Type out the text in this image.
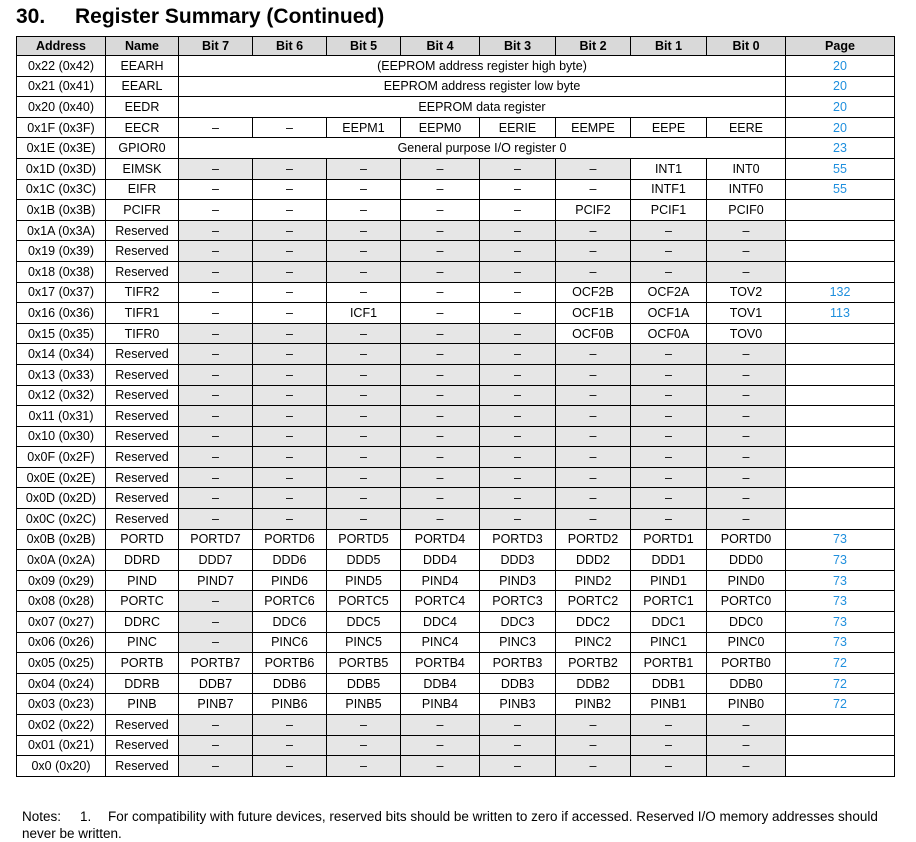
30. Register Summary (Continued)
Address	Name	Bit 7	Bit 6	Bit 5	Bit 4	Bit 3	Bit 2	Bit 1	Bit 0	Page
0x22 (0x42)	EEARH	(EEPROM address register high byte)								20
0x21 (0x41)	EEARL	EEPROM address register low byte								20
0x20 (0x40)	EEDR	EEPROM data register								20
0x1F (0x3F)	EECR	–	–	EEPM1	EEPM0	EERIE	EEMPE	EEPE	EERE	20
0x1E (0x3E)	GPIOR0	General purpose I/O register 0								23
0x1D (0x3D)	EIMSK	–	–	–	–	–	–	INT1	INT0	55
0x1C (0x3C)	EIFR	–	–	–	–	–	–	INTF1	INTF0	55
0x1B (0x3B)	PCIFR	–	–	–	–	–	PCIF2	PCIF1	PCIF0	
0x1A (0x3A)	Reserved	–	–	–	–	–	–	–	–	
0x19 (0x39)	Reserved	–	–	–	–	–	–	–	–	
0x18 (0x38)	Reserved	–	–	–	–	–	–	–	–	
0x17 (0x37)	TIFR2	–	–	–	–	–	OCF2B	OCF2A	TOV2	132
0x16 (0x36)	TIFR1	–	–	ICF1	–	–	OCF1B	OCF1A	TOV1	113
0x15 (0x35)	TIFR0	–	–	–	–	–	OCF0B	OCF0A	TOV0	
0x14 (0x34)	Reserved	–	–	–	–	–	–	–	–	
0x13 (0x33)	Reserved	–	–	–	–	–	–	–	–	
0x12 (0x32)	Reserved	–	–	–	–	–	–	–	–	
0x11 (0x31)	Reserved	–	–	–	–	–	–	–	–	
0x10 (0x30)	Reserved	–	–	–	–	–	–	–	–	
0x0F (0x2F)	Reserved	–	–	–	–	–	–	–	–	
0x0E (0x2E)	Reserved	–	–	–	–	–	–	–	–	
0x0D (0x2D)	Reserved	–	–	–	–	–	–	–	–	
0x0C (0x2C)	Reserved	–	–	–	–	–	–	–	–	
0x0B (0x2B)	PORTD	PORTD7	PORTD6	PORTD5	PORTD4	PORTD3	PORTD2	PORTD1	PORTD0	73
0x0A (0x2A)	DDRD	DDD7	DDD6	DDD5	DDD4	DDD3	DDD2	DDD1	DDD0	73
0x09 (0x29)	PIND	PIND7	PIND6	PIND5	PIND4	PIND3	PIND2	PIND1	PIND0	73
0x08 (0x28)	PORTC	–	PORTC6	PORTC5	PORTC4	PORTC3	PORTC2	PORTC1	PORTC0	73
0x07 (0x27)	DDRC	–	DDC6	DDC5	DDC4	DDC3	DDC2	DDC1	DDC0	73
0x06 (0x26)	PINC	–	PINC6	PINC5	PINC4	PINC3	PINC2	PINC1	PINC0	73
0x05 (0x25)	PORTB	PORTB7	PORTB6	PORTB5	PORTB4	PORTB3	PORTB2	PORTB1	PORTB0	72
0x04 (0x24)	DDRB	DDB7	DDB6	DDB5	DDB4	DDB3	DDB2	DDB1	DDB0	72
0x03 (0x23)	PINB	PINB7	PINB6	PINB5	PINB4	PINB3	PINB2	PINB1	PINB0	72
0x02 (0x22)	Reserved	–	–	–	–	–	–	–	–	
0x01 (0x21)	Reserved	–	–	–	–	–	–	–	–	
0x0 (0x20)	Reserved	–	–	–	–	–	–	–	–	
Notes: 1. For compatibility with future devices, reserved bits should be written to zero if accessed. Reserved I/O memory addresses should never be written.
